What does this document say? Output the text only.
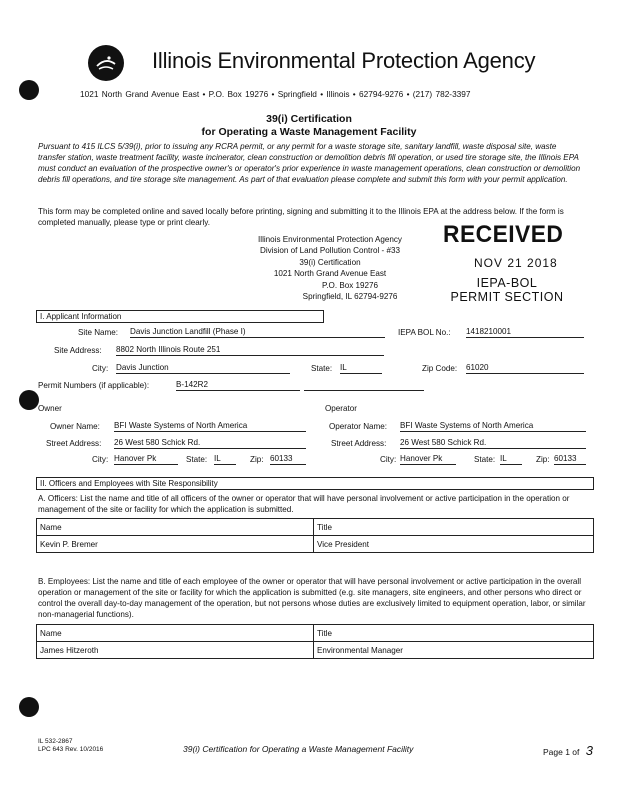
Illinois Environmental Protection Agency
1021 North Grand Avenue East • P.O. Box 19276 • Springfield • Illinois • 62794-9276 • (217) 782-3397
39(i) Certification
for Operating a Waste Management Facility
Pursuant to 415 ILCS 5/39(i), prior to issuing any RCRA permit, or any permit for a waste storage site, sanitary landfill, waste disposal site, waste transfer station, waste treatment facility, waste incinerator, clean construction or demolition debris fill operation, or used tire storage site, the Illinois EPA must conduct an evaluation of the prospective owner's or operator's prior experience in waste management operations, clean construction or demolition debris fill operations, and tire storage site management. As part of that evaluation please complete and submit this form with your permit application.
This form may be completed online and saved locally before printing, signing and submitting it to the Illinois EPA at the address below. If the form is completed manually, please type or print clearly.
Illinois Environmental Protection Agency
Division of Land Pollution Control - #33
39(i) Certification
1021 North Grand Avenue East
P.O. Box 19276
Springfield, IL 62794-9276
RECEIVED
NOV 21 2018
IEPA-BOL
PERMIT SECTION
I. Applicant Information
Site Name: Davis Junction Landfill (Phase I)	IEPA BOL No.: 1418210001
Site Address: 8802 North Illinois Route 251
City: Davis Junction	State: IL	Zip Code: 61020
Permit Numbers (if applicable):	B-142R2
Owner	Operator
Owner Name: BFI Waste Systems of North America
Street Address: 26 West 580 Schick Rd.
City: Hanover Pk	State: IL	Zip: 60133
Operator Name: BFI Waste Systems of North America
Street Address: 26 West 580 Schick Rd.
City: Hanover Pk	State: IL	Zip: 60133
II. Officers and Employees with Site Responsibility
A. Officers: List the name and title of all officers of the owner or operator that will have personal involvement or active participation in the operation or management of the site or facility for which the application is submitted.
Name	Title
Kevin P. Bremer	Vice President
B. Employees: List the name and title of each employee of the owner or operator that will have personal involvement or active participation in the overall operation or management of the site or facility for which the application is submitted (e.g. site managers, site engineers, and other persons who direct or control the overall day-to-day management of the operation, but not persons whose duties are exclusively limited to equipment operation, labor, or similar non-managerial functions).
Name	Title
James Hitzeroth	Environmental Manager
IL 532-2867
LPC 643 Rev. 10/2016	39(i) Certification for Operating a Waste Management Facility	Page 1 of 3
